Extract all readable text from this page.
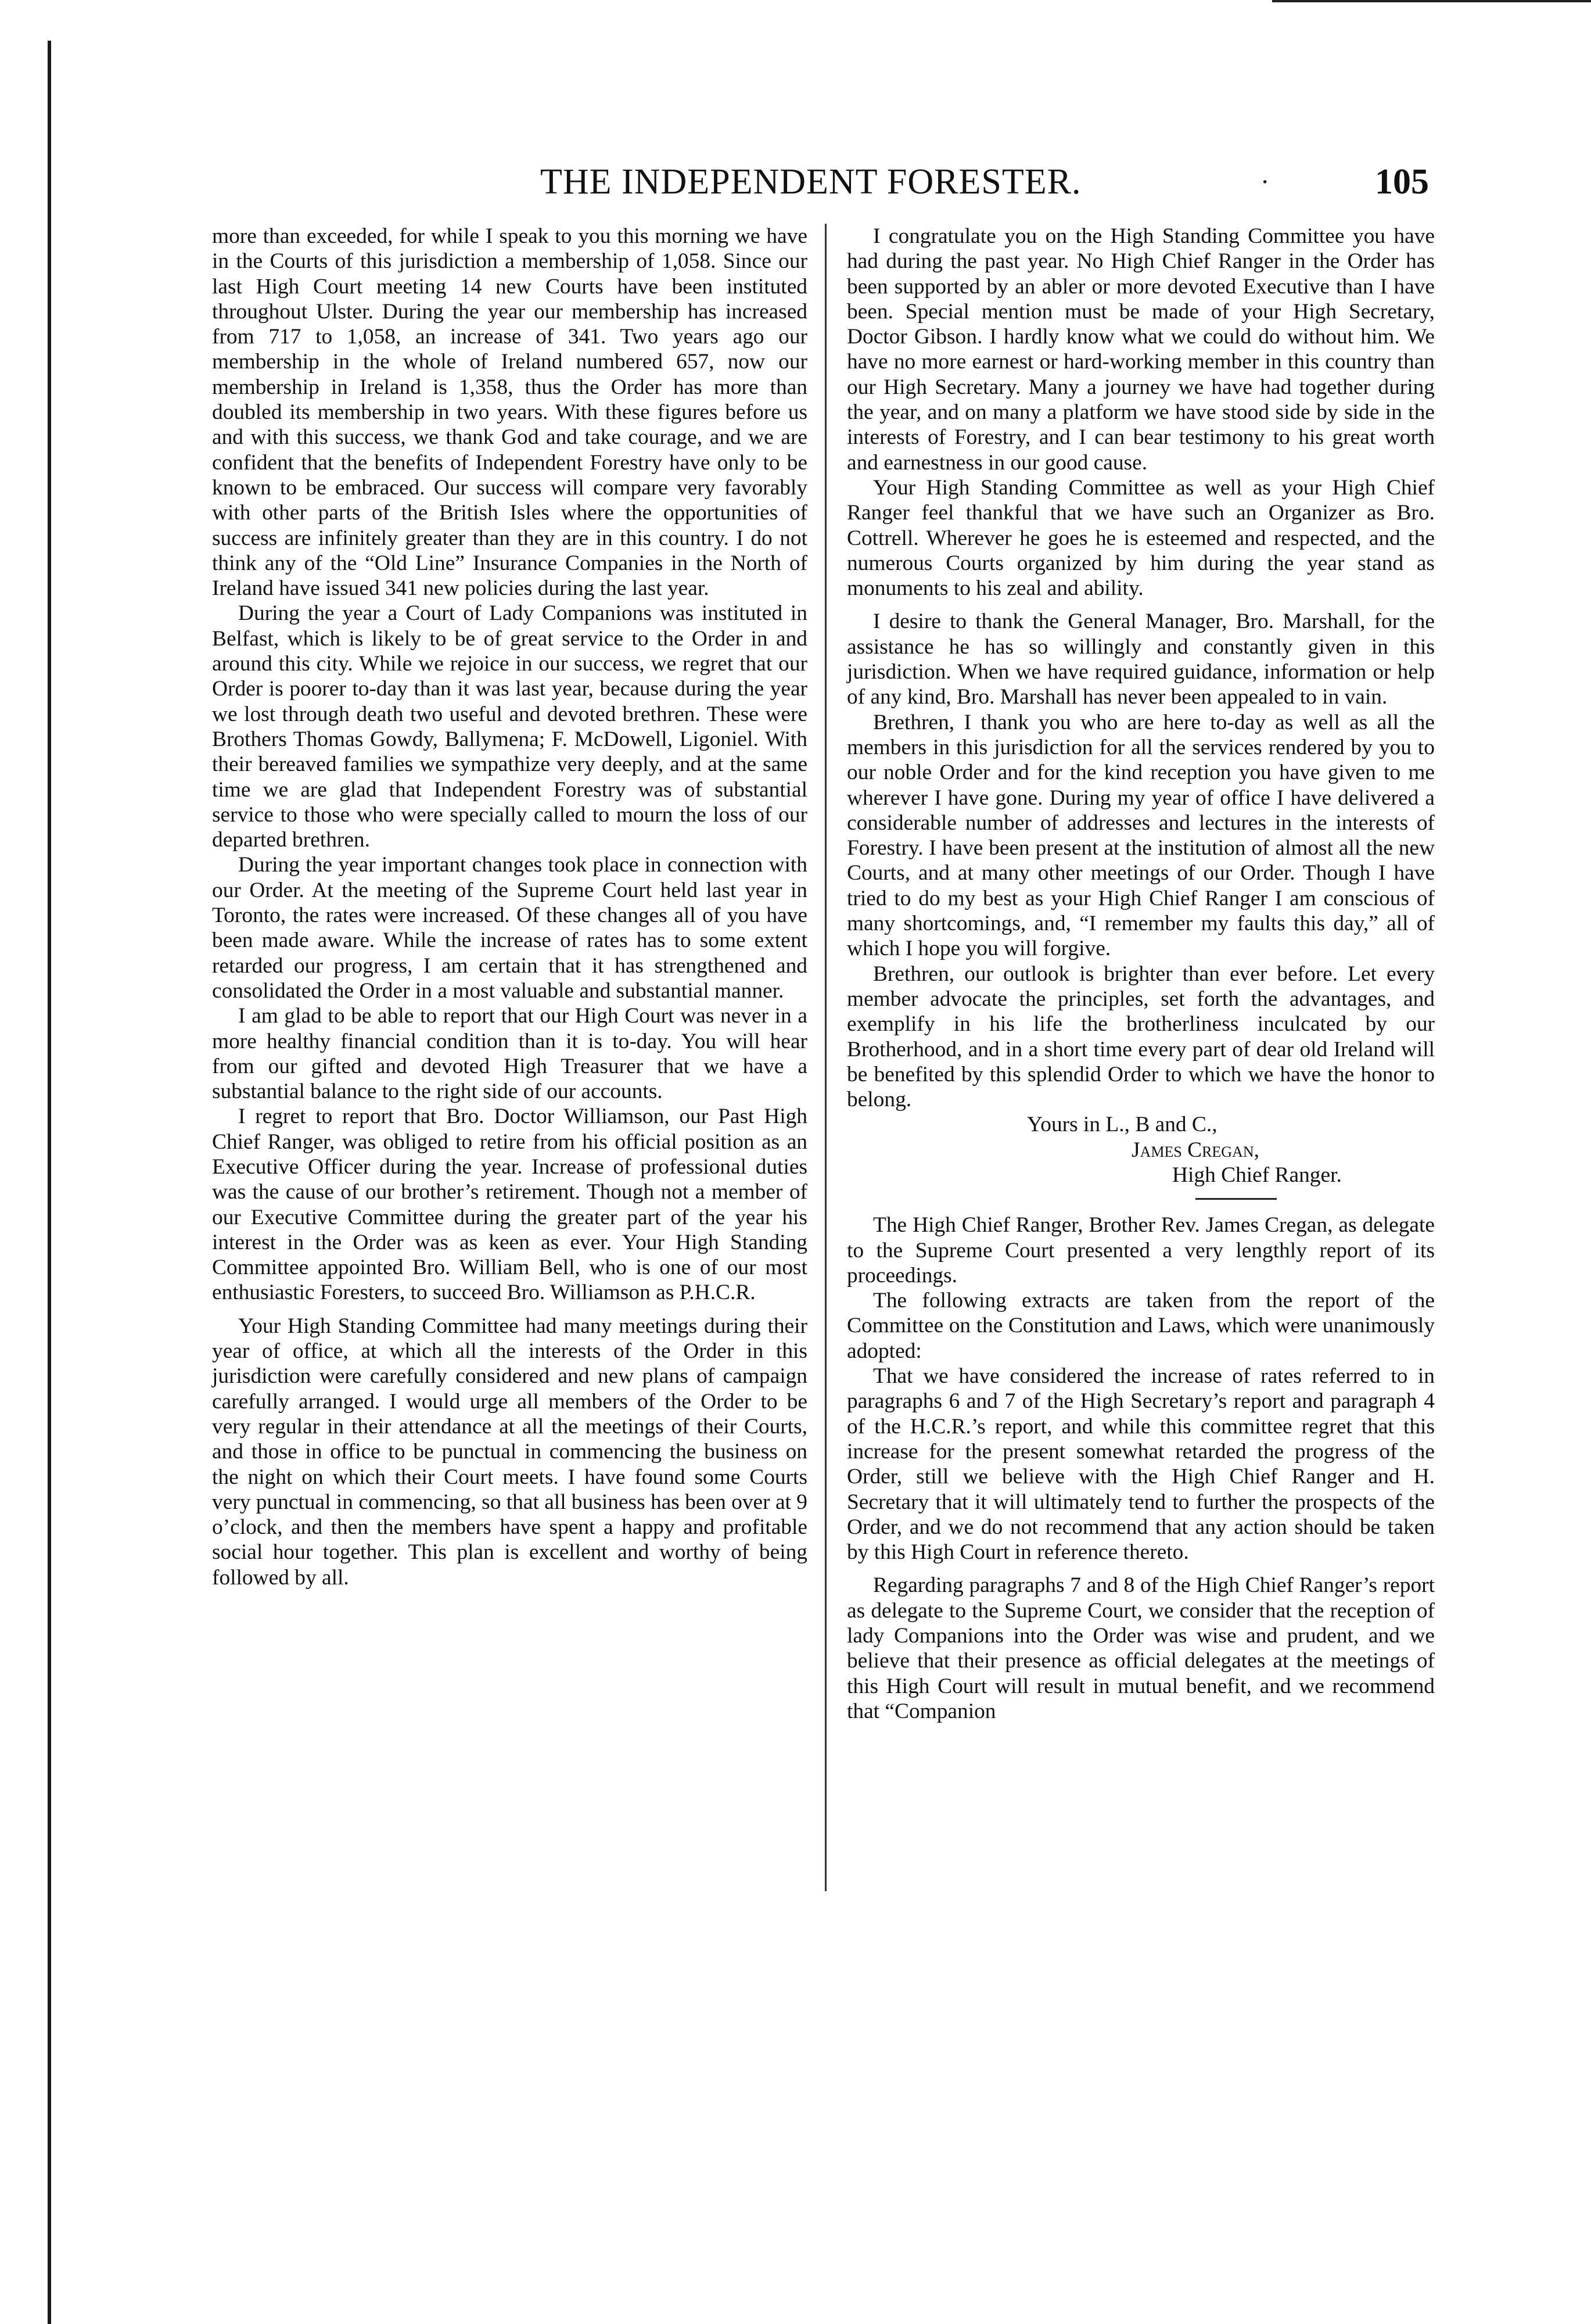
THE INDEPENDENT FORESTER.	·	105

more than exceeded, for while I speak to you this morning we have in the Courts of this jurisdiction a membership of 1,058. Since our last High Court meeting 14 new Courts have been instituted throughout Ulster. During the year our membership has increased from 717 to 1,058, an increase of 341. Two years ago our membership in the whole of Ireland numbered 657, now our membership in Ireland is 1,358, thus the Order has more than doubled its membership in two years. With these figures before us and with this success, we thank God and take courage, and we are confident that the benefits of Independent Forestry have only to be known to be embraced. Our success will compare very favorably with other parts of the British Isles where the opportunities of success are infinitely greater than they are in this country. I do not think any of the “Old Line” Insurance Companies in the North of Ireland have issued 341 new policies during the last year.

During the year a Court of Lady Companions was instituted in Belfast, which is likely to be of great service to the Order in and around this city. While we rejoice in our success, we regret that our Order is poorer to-day than it was last year, because during the year we lost through death two useful and devoted brethren. These were Brothers Thomas Gowdy, Ballymena; F. McDowell, Ligoniel. With their bereaved families we sympathize very deeply, and at the same time we are glad that Independent Forestry was of substantial service to those who were specially called to mourn the loss of our departed brethren.

During the year important changes took place in connection with our Order. At the meeting of the Supreme Court held last year in Toronto, the rates were increased. Of these changes all of you have been made aware. While the increase of rates has to some extent retarded our progress, I am certain that it has strengthened and consolidated the Order in a most valuable and substantial manner.

I am glad to be able to report that our High Court was never in a more healthy financial condition than it is to-day. You will hear from our gifted and devoted High Treasurer that we have a substantial balance to the right side of our accounts.

I regret to report that Bro. Doctor Williamson, our Past High Chief Ranger, was obliged to retire from his official position as an Executive Officer during the year. Increase of professional duties was the cause of our brother’s retirement. Though not a member of our Executive Committee during the greater part of the year his interest in the Order was as keen as ever. Your High Standing Committee appointed Bro. William Bell, who is one of our most enthusiastic Foresters, to succeed Bro. Williamson as P.H.C.R.

Your High Standing Committee had many meetings during their year of office, at which all the interests of the Order in this jurisdiction were carefully considered and new plans of campaign carefully arranged. I would urge all members of the Order to be very regular in their attendance at all the meetings of their Courts, and those in office to be punctual in commencing the business on the night on which their Court meets. I have found some Courts very punctual in commencing, so that all business has been over at 9 o’clock, and then the members have spent a happy and profitable social hour together. This plan is excellent and worthy of being followed by all.

I congratulate you on the High Standing Committee you have had during the past year. No High Chief Ranger in the Order has been supported by an abler or more devoted Executive than I have been. Special mention must be made of your High Secretary, Doctor Gibson. I hardly know what we could do without him. We have no more earnest or hard-working member in this country than our High Secretary. Many a journey we have had together during the year, and on many a platform we have stood side by side in the interests of Forestry, and I can bear testimony to his great worth and earnestness in our good cause.

Your High Standing Committee as well as your High Chief Ranger feel thankful that we have such an Organizer as Bro. Cottrell. Wherever he goes he is esteemed and respected, and the numerous Courts organized by him during the year stand as monuments to his zeal and ability.

I desire to thank the General Manager, Bro. Marshall, for the assistance he has so willingly and constantly given in this jurisdiction. When we have required guidance, information or help of any kind, Bro. Marshall has never been appealed to in vain.

Brethren, I thank you who are here to-day as well as all the members in this jurisdiction for all the services rendered by you to our noble Order and for the kind reception you have given to me wherever I have gone. During my year of office I have delivered a considerable number of addresses and lectures in the interests of Forestry. I have been present at the institution of almost all the new Courts, and at many other meetings of our Order. Though I have tried to do my best as your High Chief Ranger I am conscious of many shortcomings, and, “I remember my faults this day,” all of which I hope you will forgive.

Brethren, our outlook is brighter than ever before. Let every member advocate the principles, set forth the advantages, and exemplify in his life the brotherliness inculcated by our Brotherhood, and in a short time every part of dear old Ireland will be benefited by this splendid Order to which we have the honor to belong.

Yours in L., B and C.,
James Cregan,
High Chief Ranger.

The High Chief Ranger, Brother Rev. James Cregan, as delegate to the Supreme Court presented a very lengthly report of its proceedings.

The following extracts are taken from the report of the Committee on the Constitution and Laws, which were unanimously adopted:

That we have considered the increase of rates referred to in paragraphs 6 and 7 of the High Secretary’s report and paragraph 4 of the H.C.R.’s report, and while this committee regret that this increase for the present somewhat retarded the progress of the Order, still we believe with the High Chief Ranger and H. Secretary that it will ultimately tend to further the prospects of the Order, and we do not recommend that any action should be taken by this High Court in reference thereto.

Regarding paragraphs 7 and 8 of the High Chief Ranger’s report as delegate to the Supreme Court, we consider that the reception of lady Companions into the Order was wise and prudent, and we believe that their presence as official delegates at the meetings of this High Court will result in mutual benefit, and we recommend that “Companion
